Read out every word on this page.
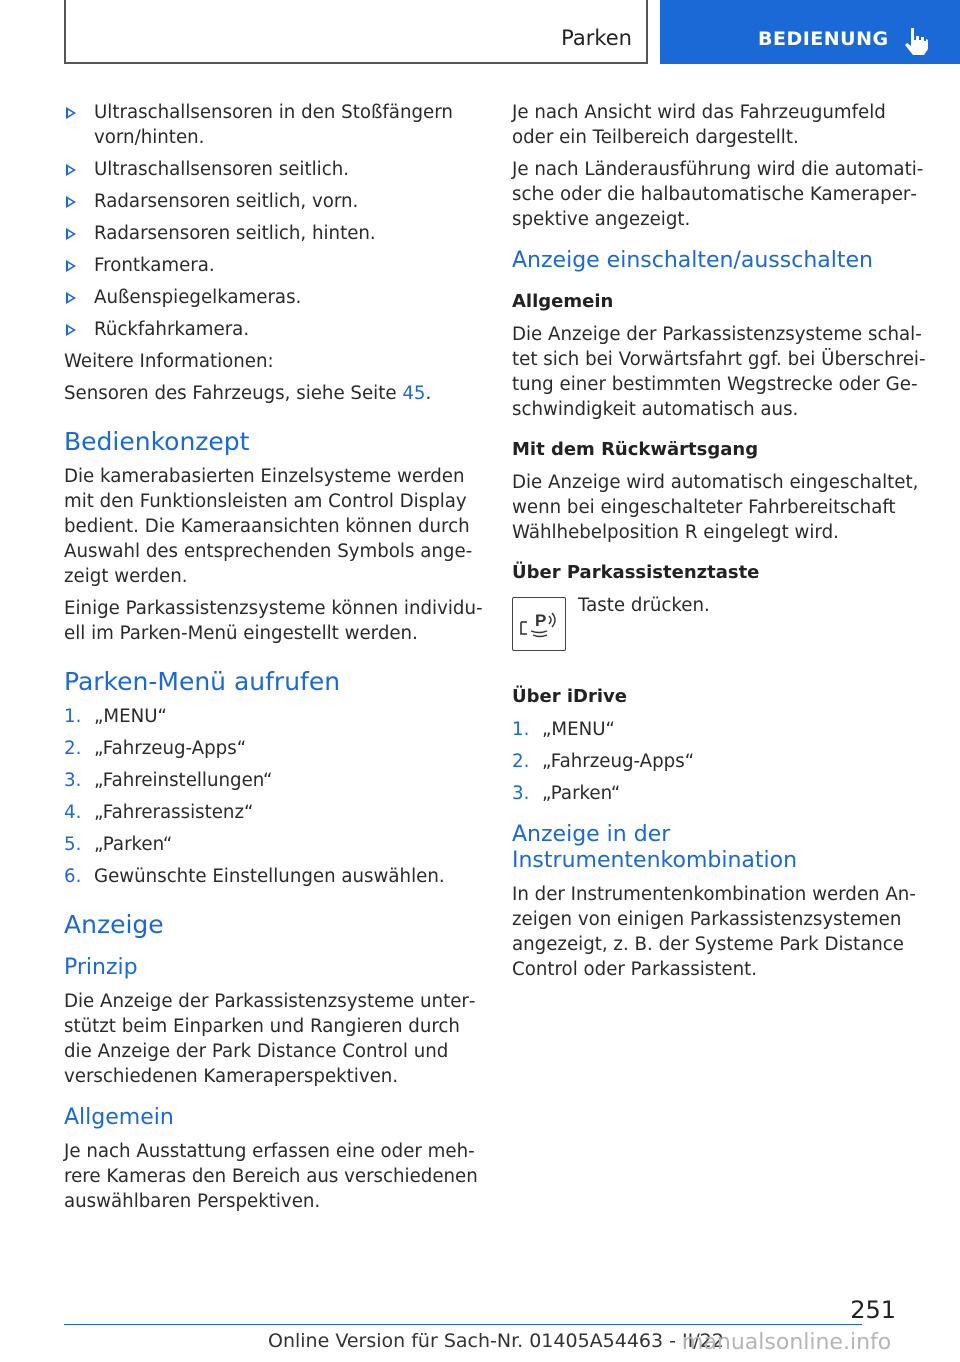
Parken	BEDIENUNG
Ultraschallsensoren in den Stoßfängern vorn/hinten.
Ultraschallsensoren seitlich.
Radarsensoren seitlich, vorn.
Radarsensoren seitlich, hinten.
Frontkamera.
Außenspiegelkameras.
Rückfahrkamera.

Weitere Informationen:

Sensoren des Fahrzeugs, siehe Seite 45.

Bedienkonzept

Die kamerabasierten Einzelsysteme werden mit den Funktionsleisten am Control Display bedient. Die Kameraansichten können durch Auswahl des entsprechenden Symbols angezeigt werden.

Einige Parkassistenzsysteme können individuell im Parken-Menü eingestellt werden.

Parken-Menü aufrufen
1. „MENU“
2. „Fahrzeug-Apps“
3. „Fahreinstellungen“
4. „Fahrerassistenz“
5. „Parken“
6. Gewünschte Einstellungen auswählen.
Anzeige
Prinzip

Die Anzeige der Parkassistenzsysteme unterstützt beim Einparken und Rangieren durch die Anzeige der Park Distance Control und verschiedenen Kameraperspektiven.

Allgemein

Je nach Ausstattung erfassen eine oder mehrere Kameras den Bereich aus verschiedenen auswählbaren Perspektiven.

Je nach Ansicht wird das Fahrzeugumfeld oder ein Teilbereich dargestellt.

Je nach Länderausführung wird die automatische oder die halbautomatische Kameraperspektive angezeigt.

Anzeige einschalten/ausschalten
Allgemein

Die Anzeige der Parkassistenzsysteme schaltet sich bei Vorwärtsfahrt ggf. bei Überschreitung einer bestimmten Wegstrecke oder Geschwindigkeit automatisch aus.

Mit dem Rückwärtsgang

Die Anzeige wird automatisch eingeschaltet, wenn bei eingeschalteter Fahrbereitschaft Wählhebelposition R eingelegt wird.

Über Parkassistenztaste
P
Taste drücken.
Über iDrive
1. „MENU“
2. „Fahrzeug-Apps“
3. „Parken“
Anzeige in der
Instrumentenkombination

In der Instrumentenkombination werden Anzeigen von einigen Parkassistenzsystemen angezeigt, z. B. der Systeme Park Distance Control oder Parkassistent.

251
Online Version für Sach-Nr. 01405A54463 - II/22
manualsonline.info
